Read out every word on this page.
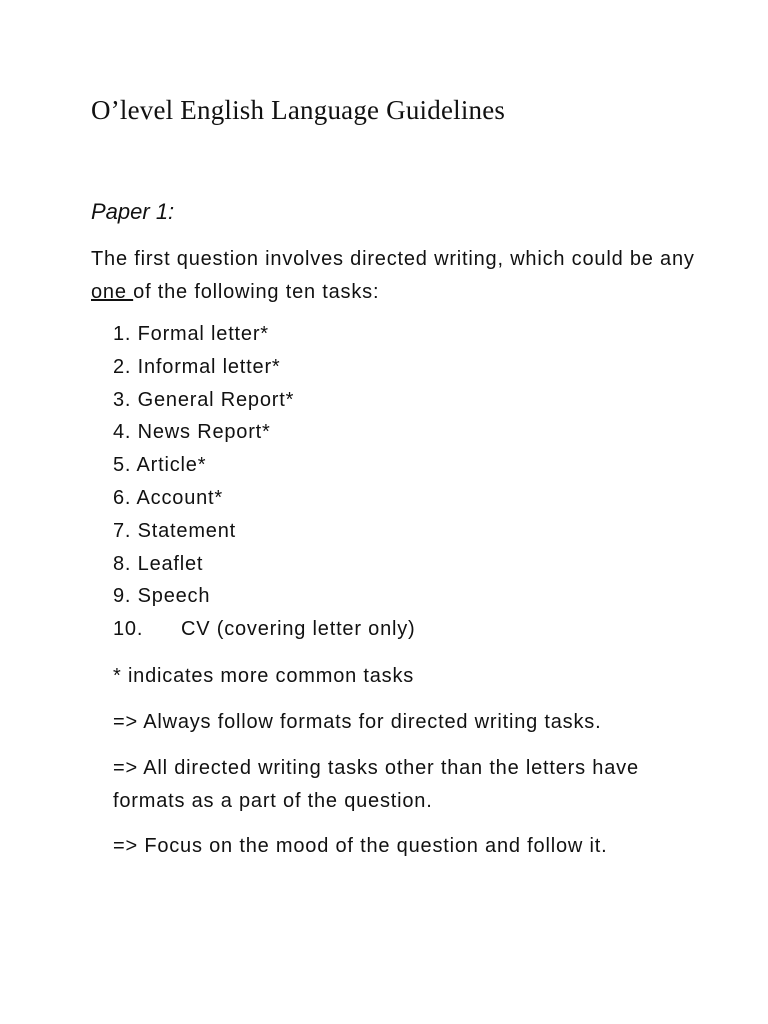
O’level English Language Guidelines
Paper 1:

The first question involves directed writing, which could be any
one of the following ten tasks:

1. Formal letter*
2. Informal letter*
3. General Report*
4. News Report*
5. Article*
6. Account*
7. Statement
8. Leaflet
9. Speech
10. CV (covering letter only)

* indicates more common tasks

=> Always follow formats for directed writing tasks.

=> All directed writing tasks other than the letters have
formats as a part of the question.

=> Focus on the mood of the question and follow it.
